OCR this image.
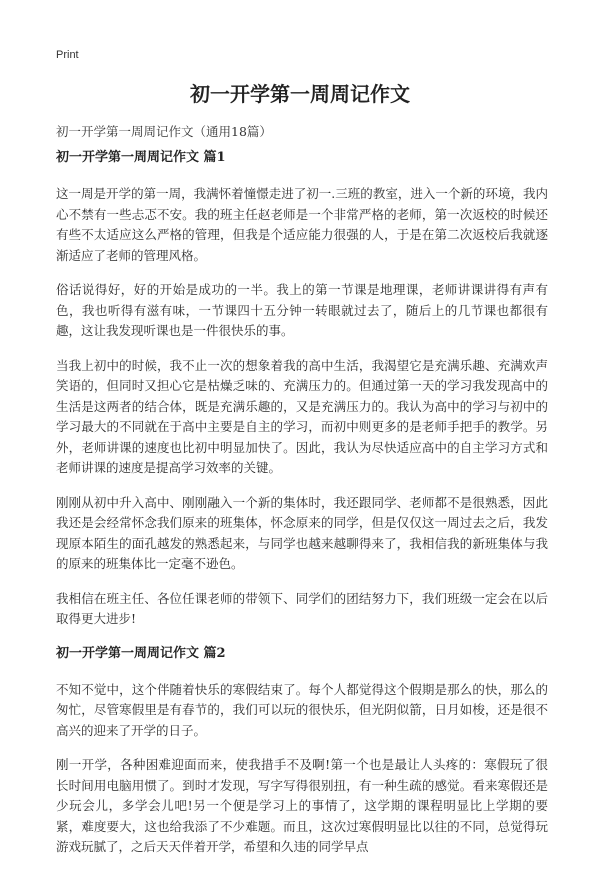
Print
初一开学第一周周记作文
初一开学第一周周记作文（通用18篇）
初一开学第一周周记作文 篇1

这一周是开学的第一周，我满怀着憧憬走进了初一.三班的教室，进入一个新的环境，我内心不禁有一些忐忑不安。我的班主任赵老师是一个非常严格的老师，第一次返校的时候还有些不太适应这么严格的管理，但我是个适应能力很强的人，于是在第二次返校后我就逐渐适应了老师的管理风格。

俗话说得好，好的开始是成功的一半。我上的第一节课是地理课，老师讲课讲得有声有色，我也听得有滋有味，一节课四十五分钟一转眼就过去了，随后上的几节课也都很有趣，这让我发现听课也是一件很快乐的事。

当我上初中的时候，我不止一次的想象着我的高中生活，我渴望它是充满乐趣、充满欢声笑语的，但同时又担心它是枯燥乏味的、充满压力的。但通过第一天的学习我发现高中的生活是这两者的结合体，既是充满乐趣的，又是充满压力的。我认为高中的学习与初中的学习最大的不同就在于高中主要是自主的学习，而初中则更多的是老师手把手的教学。另外，老师讲课的速度也比初中明显加快了。因此，我认为尽快适应高中的自主学习方式和老师讲课的速度是提高学习效率的关键。

刚刚从初中升入高中、刚刚融入一个新的集体时，我还跟同学、老师都不是很熟悉，因此我还是会经常怀念我们原来的班集体，怀念原来的同学，但是仅仅这一周过去之后，我发现原本陌生的面孔越发的熟悉起来，与同学也越来越聊得来了，我相信我的新班集体与我的原来的班集体比一定毫不逊色。

我相信在班主任、各位任课老师的带领下、同学们的团结努力下，我们班级一定会在以后取得更大进步!

初一开学第一周周记作文 篇2

不知不觉中，这个伴随着快乐的寒假结束了。每个人都觉得这个假期是那么的快，那么的匆忙，尽管寒假里是有春节的，我们可以玩的很快乐，但光阴似箭，日月如梭，还是很不高兴的迎来了开学的日子。

刚一开学，各种困难迎面而来，使我措手不及啊!第一个也是最让人头疼的：寒假玩了很长时间用电脑用惯了。到时才发现，写字写得很别扭，有一种生疏的感觉。看来寒假还是少玩会儿，多学会儿吧!另一个便是学习上的事情了，这学期的课程明显比上学期的要紧，难度要大，这也给我添了不少难题。而且，这次过寒假明显比以往的不同，总觉得玩游戏玩腻了，之后天天伴着开学，希望和久违的同学早点
